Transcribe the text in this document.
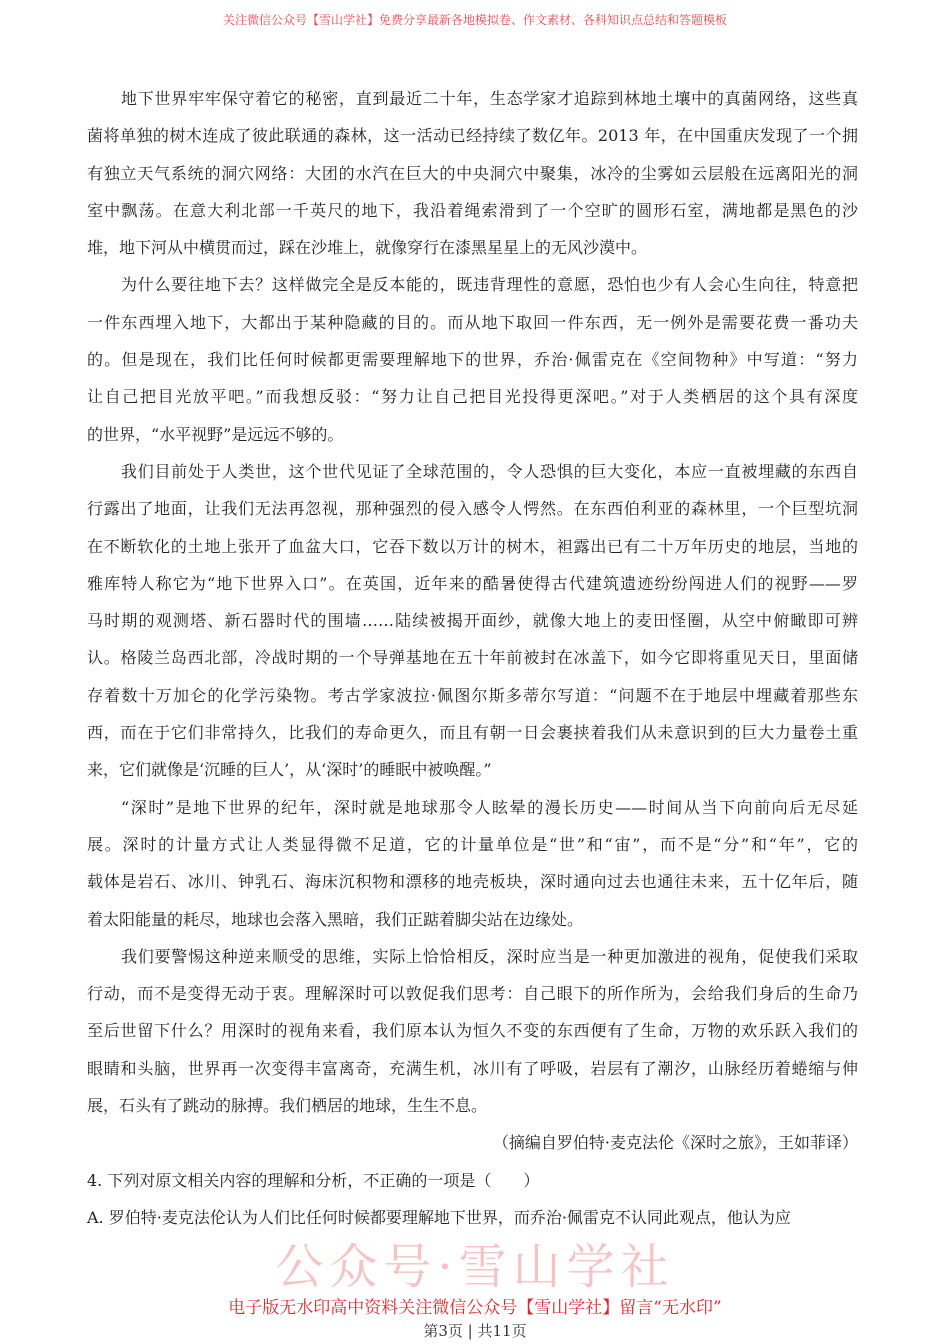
关注微信公众号【雪山学社】免费分享最新各地模拟卷、作文素材、各科知识点总结和答题模板
地下世界牢牢保守着它的秘密，直到最近二十年，生态学家才追踪到林地土壤中的真菌网络，这些真
菌将单独的树木连成了彼此联通的森林，这一活动已经持续了数亿年。2013 年，在中国重庆发现了一个拥
有独立天气系统的洞穴网络：大团的水汽在巨大的中央洞穴中聚集，冰冷的尘雾如云层般在远离阳光的洞
室中飘荡。在意大利北部一千英尺的地下，我沿着绳索滑到了一个空旷的圆形石室，满地都是黑色的沙
堆，地下河从中横贯而过，踩在沙堆上，就像穿行在漆黑星星上的无风沙漠中。
为什么要往地下去？这样做完全是反本能的，既违背理性的意愿，恐怕也少有人会心生向往，特意把
一件东西埋入地下，大都出于某种隐藏的目的。而从地下取回一件东西，无一例外是需要花费一番功夫
的。但是现在，我们比任何时候都更需要理解地下的世界，乔治·佩雷克在《空间物种》中写道：“努力
让自己把目光放平吧。”而我想反驳：“努力让自己把目光投得更深吧。”对于人类栖居的这个具有深度
的世界，“水平视野”是远远不够的。
我们目前处于人类世，这个世代见证了全球范围的，令人恐惧的巨大变化，本应一直被埋藏的东西自
行露出了地面，让我们无法再忽视，那种强烈的侵入感令人愕然。在东西伯利亚的森林里，一个巨型坑洞
在不断软化的土地上张开了血盆大口，它吞下数以万计的树木，袒露出已有二十万年历史的地层，当地的
雅库特人称它为“地下世界入口”。在英国，近年来的酷暑使得古代建筑遗迹纷纷闯进人们的视野——罗
马时期的观测塔、新石器时代的围墙……陆续被揭开面纱，就像大地上的麦田怪圈，从空中俯瞰即可辨
认。格陵兰岛西北部，冷战时期的一个导弹基地在五十年前被封在冰盖下，如今它即将重见天日，里面储
存着数十万加仑的化学污染物。考古学家波拉·佩图尔斯多蒂尔写道：“问题不在于地层中埋藏着那些东
西，而在于它们非常持久，比我们的寿命更久，而且有朝一日会裹挟着我们从未意识到的巨大力量卷土重
来，它们就像是‘沉睡的巨人’，从‘深时’的睡眠中被唤醒。”
“深时”是地下世界的纪年，深时就是地球那令人眩晕的漫长历史——时间从当下向前向后无尽延
展。深时的计量方式让人类显得微不足道，它的计量单位是“世”和“宙”，而不是“分”和“年”，它的
载体是岩石、冰川、钟乳石、海床沉积物和漂移的地壳板块，深时通向过去也通往未来，五十亿年后，随
着太阳能量的耗尽，地球也会落入黑暗，我们正踮着脚尖站在边缘处。
我们要警惕这种逆来顺受的思维，实际上恰恰相反，深时应当是一种更加激进的视角，促使我们采取
行动，而不是变得无动于衷。理解深时可以敦促我们思考：自己眼下的所作所为，会给我们身后的生命乃
至后世留下什么？用深时的视角来看，我们原本认为恒久不变的东西便有了生命，万物的欢乐跃入我们的
眼睛和头脑，世界再一次变得丰富离奇，充满生机，冰川有了呼吸，岩层有了潮汐，山脉经历着蜷缩与伸
展，石头有了跳动的脉搏。我们栖居的地球，生生不息。
（摘编自罗伯特·麦克法伦《深时之旅》，王如菲译）
4. 下列对原文相关内容的理解和分析，不正确的一项是（　　）
A. 罗伯特·麦克法伦认为人们比任何时候都要理解地下世界，而乔治·佩雷克不认同此观点，他认为应
公众号·雪山学社
电子版无水印高中资料关注微信公众号【雪山学社】留言“无水印”
第3页 | 共11页
